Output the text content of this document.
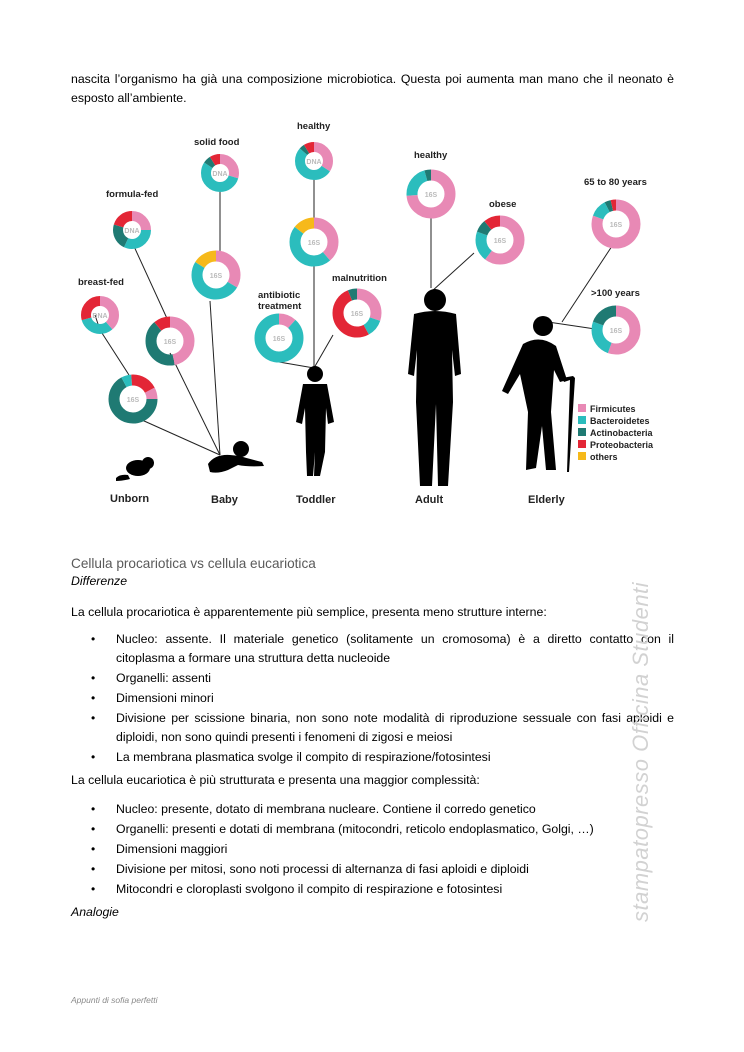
nascita l’organismo ha già una composizione microbiotica. Questa poi aumenta man mano che il neonato è esposto all’ambiente.

DNA
DNA
DNA
DNA
16S
16S
16S
16S
16S
16S
16S
16S
16S
16S
breast-fed
formula-fed
solid food
healthy
antibiotic
treatment
malnutrition
healthy
obese
65 to 80 years
>100 years
Unborn	Baby	Toddler	Adult	Elderly
Firmicutes
Bacteroidetes
Actinobacteria
Proteobacteria
others
Cellula procariotica vs cellula eucariotica

Differenze

La cellula procariotica è apparentemente più semplice, presenta meno strutture interne:

• Nucleo: assente. Il materiale genetico (solitamente un cromosoma) è a diretto contatto con il citoplasma a formare una struttura detta nucleoide
• Organelli: assenti
• Dimensioni minori
• Divisione per scissione binaria, non sono note modalità di riproduzione sessuale con fasi aploidi e diploidi, non sono quindi presenti i fenomeni di zigosi e meiosi
• La membrana plasmatica svolge il compito di respirazione/fotosintesi

La cellula eucariotica è più strutturata e presenta una maggior complessità:

• Nucleo: presente, dotato di membrana nucleare. Contiene il corredo genetico
• Organelli: presenti e dotati di membrana (mitocondri, reticolo endoplasmatico, Golgi, …)
• Dimensioni maggiori
• Divisione per mitosi, sono noti processi di alternanza di fasi aploidi e diploidi
• Mitocondri e cloroplasti svolgono il compito di respirazione e fotosintesi

Analogie	stampatopresso Officina Studenti

Appunti di sofia perfetti
